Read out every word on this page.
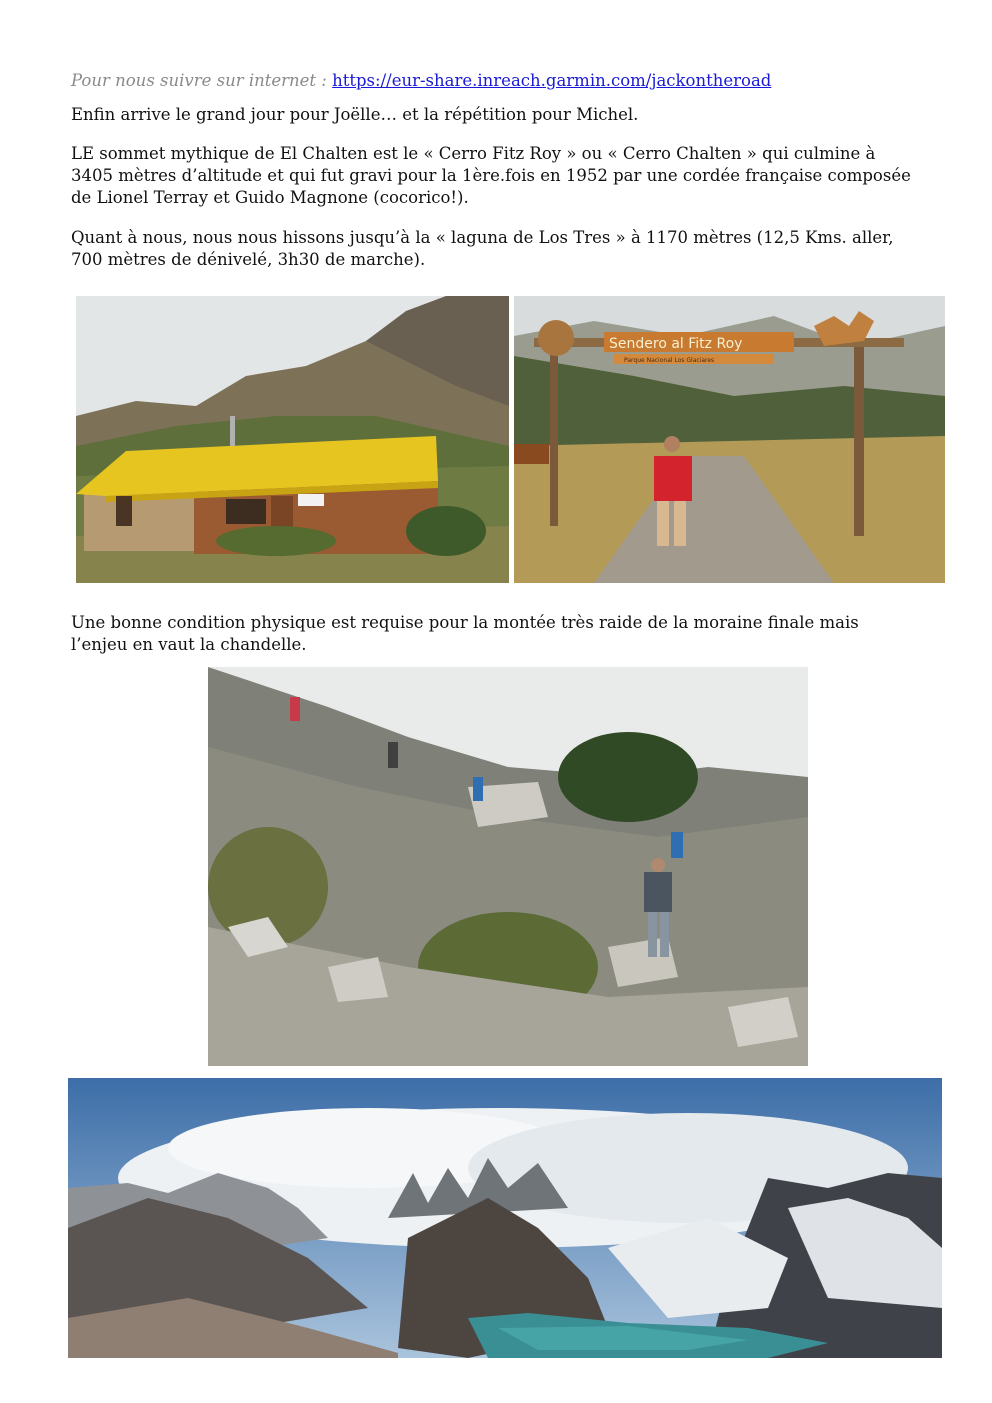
Pour nous suivre sur internet : https://eur-share.inreach.garmin.com/jackontheroad
Enfin arrive le grand jour pour Joëlle… et la répétition pour Michel.
LE sommet mythique de El Chalten est le « Cerro Fitz Roy » ou « Cerro Chalten » qui culmine à
3405 mètres d’altitude et qui fut gravi pour la 1ère.fois en 1952 par une cordée française composée
de Lionel Terray et Guido Magnone (cocorico!).
Quant à nous, nous nous hissons jusqu’à la « laguna de Los Tres » à 1170 mètres (12,5 Kms. aller,
700 mètres de dénivelé, 3h30 de marche).
Sendero al Fitz Roy
Parque Nacional Los Glaciares
Une bonne condition physique est requise pour la montée très raide de la moraine finale mais
l’enjeu en vaut la chandelle.
